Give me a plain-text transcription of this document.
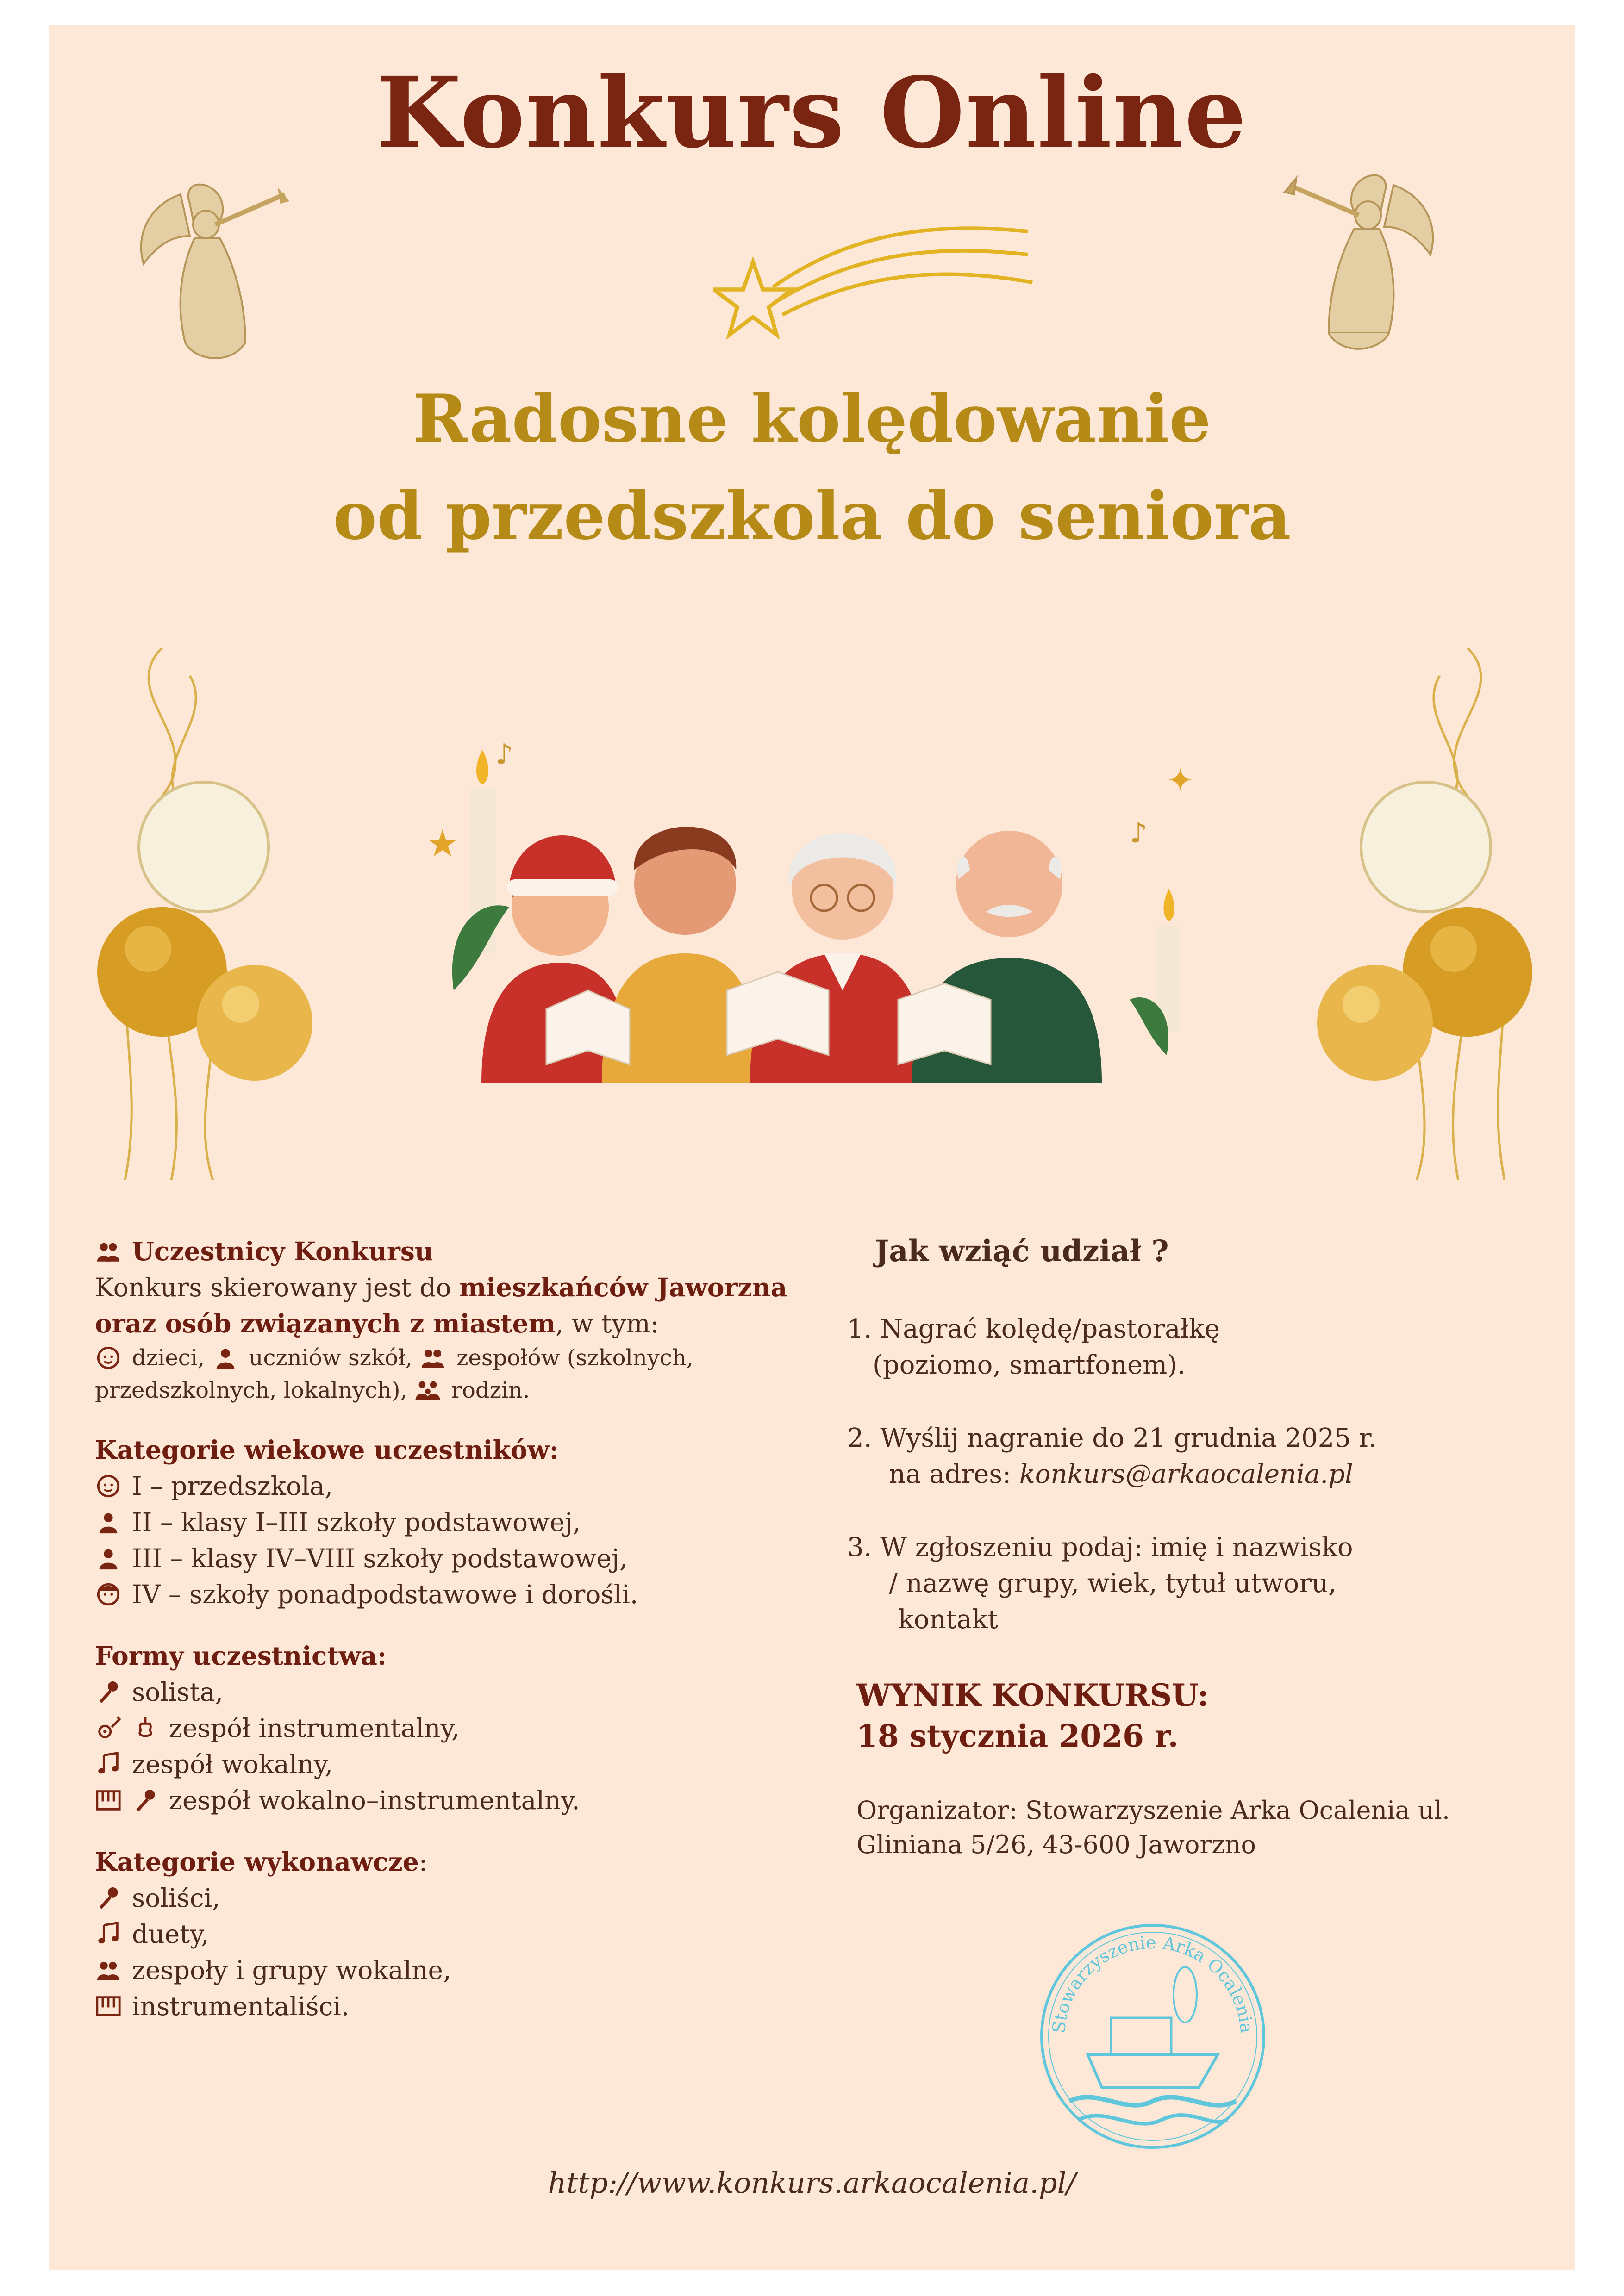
Konkurs Online
Radosne kolędowanie
od przedszkola do seniora
★
✦
♪
♪
Uczestnicy Konkursu
Konkurs skierowany jest do mieszkańców Jaworzna oraz osób związanych z miastem, w tym:
dzieci,
uczniów szkół,
zespołów (szkolnych,
przedszkolnych, lokalnych),
rodzin.
Kategorie wiekowe uczestników:
I – przedszkola,
II – klasy I–III szkoły podstawowej,
III – klasy IV–VIII szkoły podstawowej,
IV – szkoły ponadpodstawowe i dorośli.
Formy uczestnictwa:
solista,
zespół instrumentalny,
zespół wokalny,
zespół wokalno–instrumentalny.
Kategorie wykonawcze:
soliści,
duety,
zespoły i grupy wokalne,
instrumentaliści.
Jak wziąć udział ?
1. Nagrać kolędę/pastorałkę
(poziomo, smartfonem).
2. Wyślij nagranie do 21 grudnia 2025 r.
na adres: konkurs@arkaocalenia.pl
3. W zgłoszeniu podaj: imię i nazwisko
/ nazwę grupy, wiek, tytuł utworu,
kontakt
WYNIK KONKURSU:
18 stycznia 2026 r.
Organizator: Stowarzyszenie Arka Ocalenia ul.
Gliniana 5/26, 43-600 Jaworzno
Stowarzyszenie Arka Ocalenia
http://www.konkurs.arkaocalenia.pl/
